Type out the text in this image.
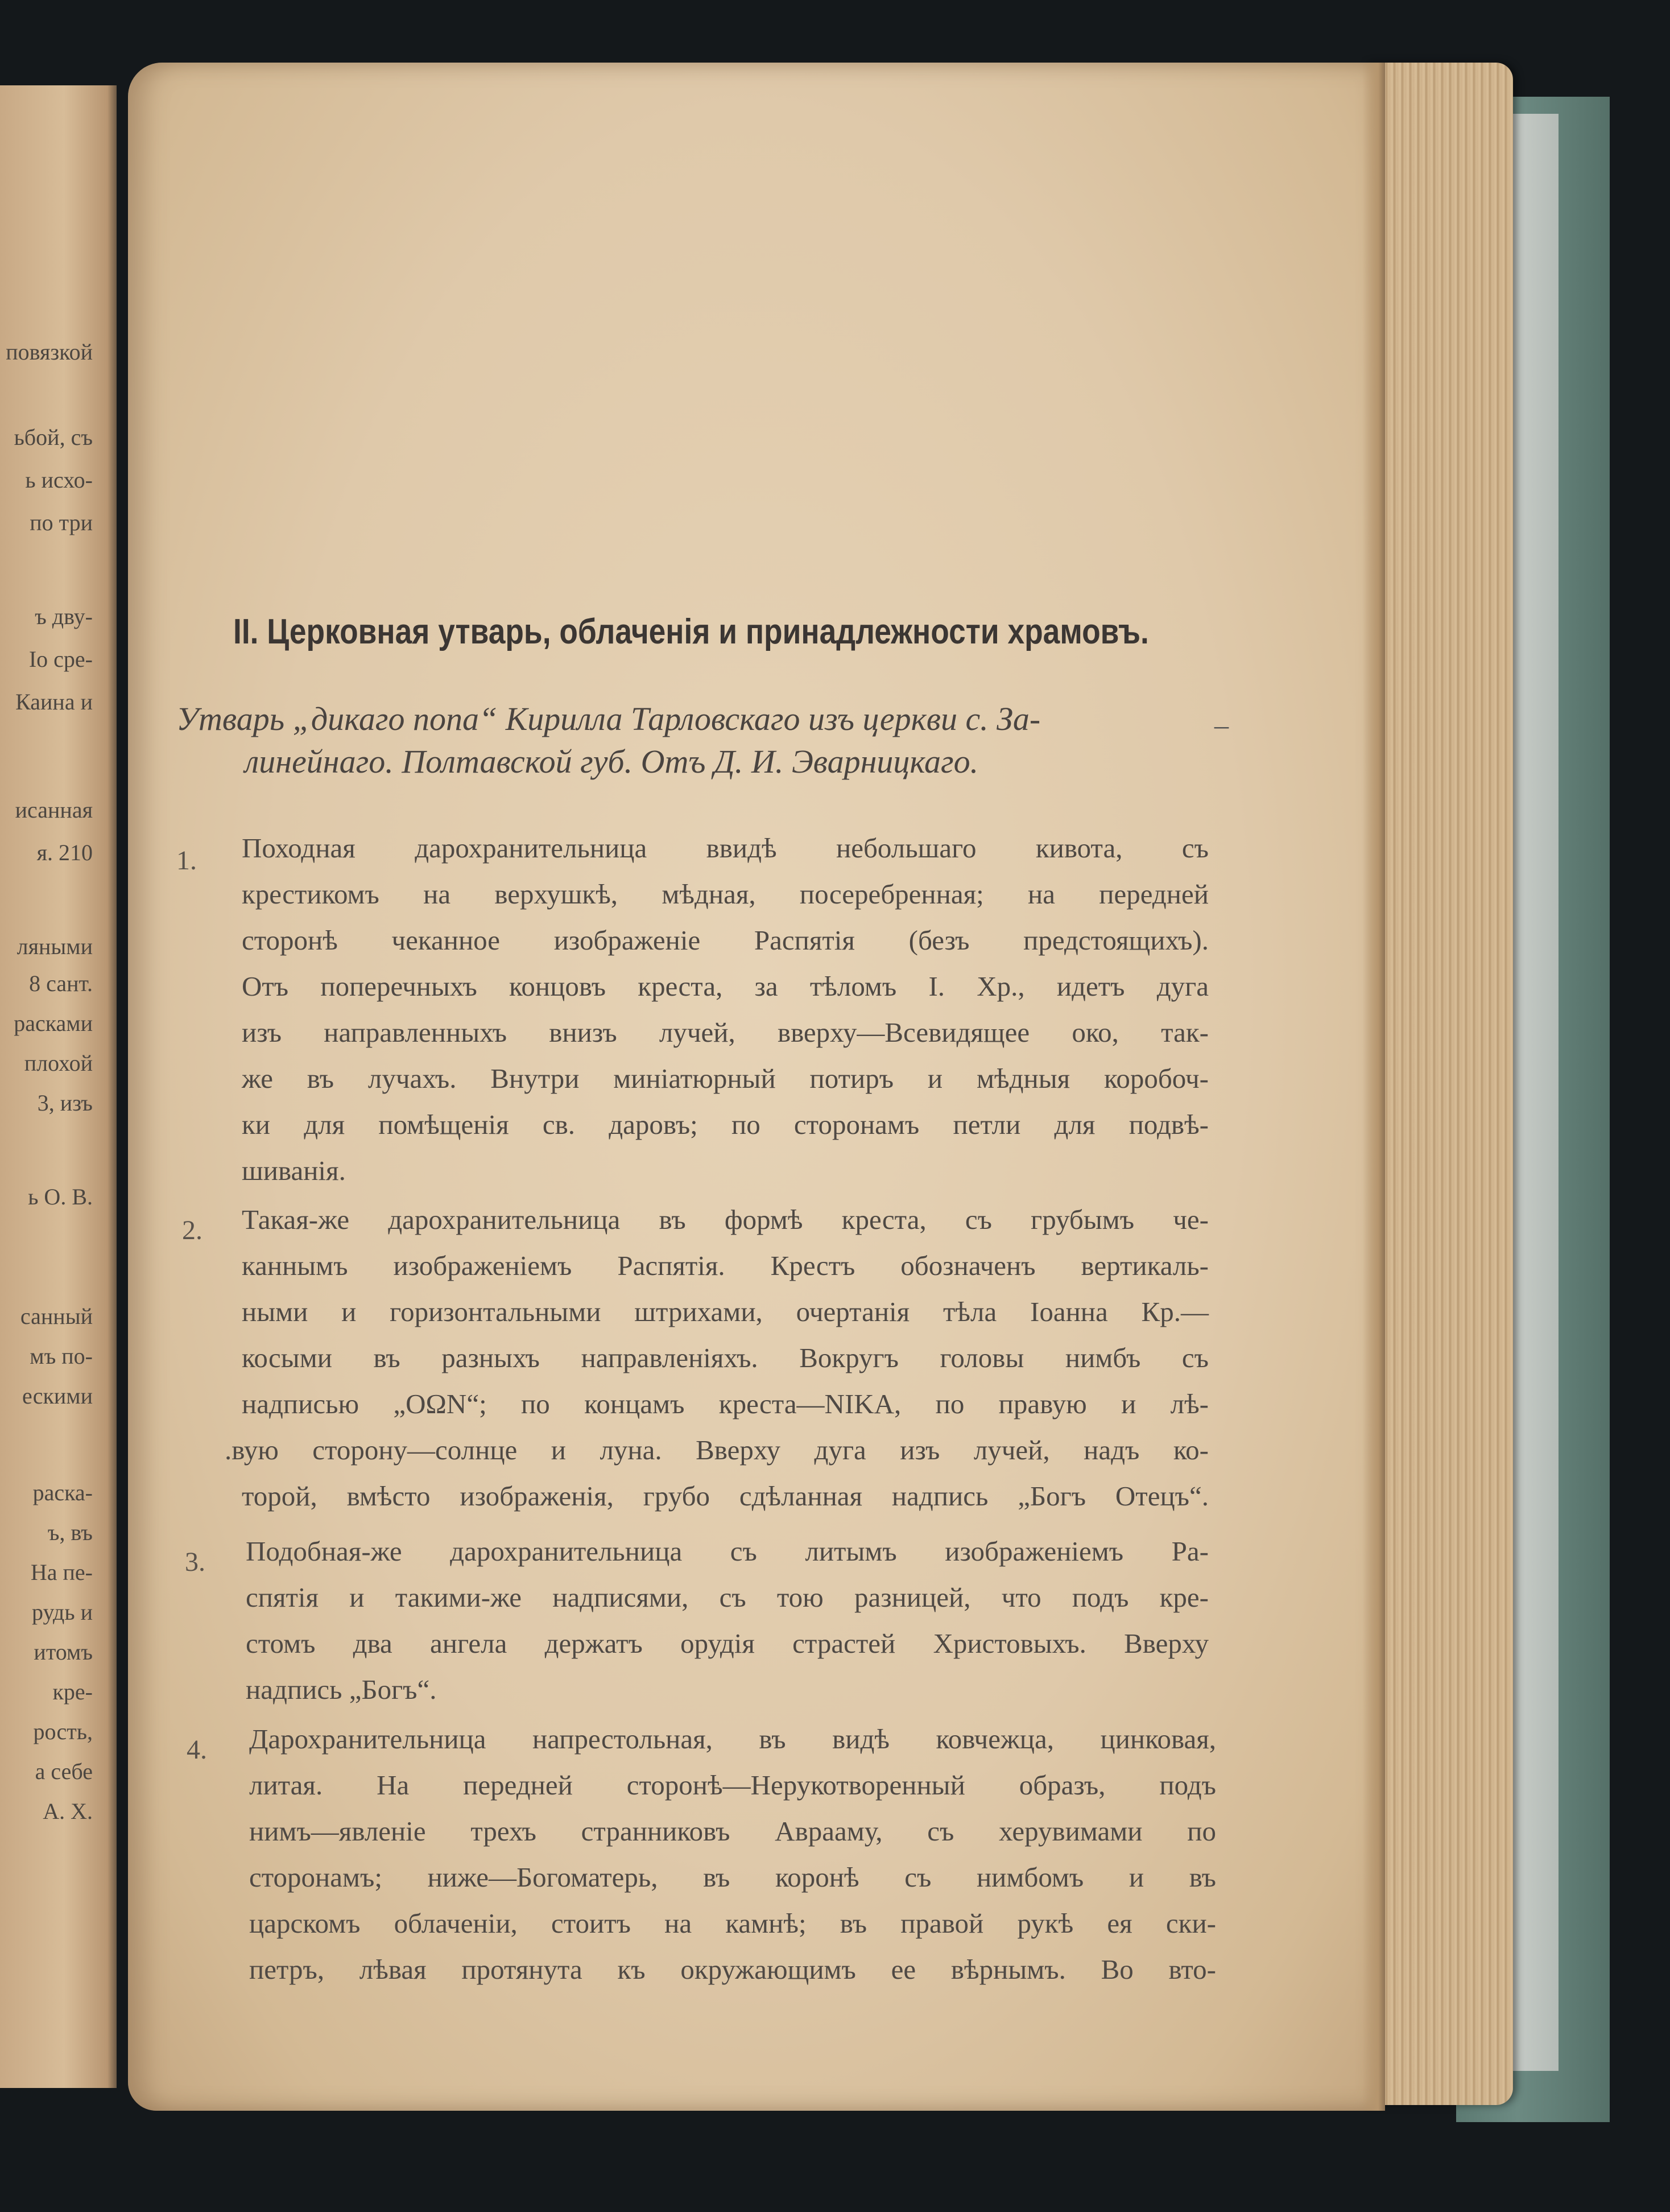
повязкой
ьбой, съ
ь исхо-
по три
ъ дву-
Io сре-
Каина и
исанная
я. 210
ляными
8 сант.
расками
плохой
3, изъ
ь О. В.
санный
мъ по-
ескими
раска-
ъ, въ
На пе-
рудь и
итомъ
кре-
рость,
а себе
А. Х.
II. Церковная утварь, облаченія и принадлежности храмовъ.
Утварь „дикаго попа“ Кирилла Тарловскаго изъ церкви с. За-
линейнаго. Полтавской губ. Отъ Д. И. Эварницкаго.
_
1. Походная дарохранительница ввидѣ небольшаго кивота, съ
крестикомъ на верхушкѣ, мѣдная, посеребренная; на передней
сторонѣ чеканное изображеніе Распятія (безъ предстоящихъ).
Отъ поперечныхъ концовъ креста, за тѣломъ І. Хр., идетъ дуга
изъ направленныхъ внизъ лучей, вверху—Всевидящее око, так-
же въ лучахъ. Внутри миніатюрный потиръ и мѣдныя коробоч-
ки для помѣщенія св. даровъ; по сторонамъ петли для подвѣ-
шиванія.
2. Такая-же дарохранительница въ формѣ креста, съ грубымъ че-
каннымъ изображеніемъ Распятія. Крестъ обозначенъ вертикаль-
ными и горизонтальными штрихами, очертанія тѣла Іоанна Кр.—
косыми въ разныхъ направленіяхъ. Вокругъ головы нимбъ съ
надписью „ΟΩΝ“; по концамъ креста—NIKA, по правую и лѣ-
.вую сторону—солнце и луна. Вверху дуга изъ лучей, надъ ко-
торой, вмѣсто изображенія, грубо сдѣланная надпись „Богъ Отецъ“.
3. Подобная-же дарохранительница съ литымъ изображеніемъ Ра-
спятія и такими-же надписями, съ тою разницей, что подъ кре-
стомъ два ангела держатъ орудія страстей Христовыхъ. Вверху
надпись „Богъ“.
4. Дарохранительница напрестольная, въ видѣ ковчежца, цинковая,
литая. На передней сторонѣ—Нерукотворенный образъ, подъ
нимъ—явленіе трехъ странниковъ Аврааму, съ херувимами по
сторонамъ; ниже—Богоматерь, въ коронѣ съ нимбомъ и въ
царскомъ облаченіи, стоитъ на камнѣ; въ правой рукѣ ея ски-
петръ, лѣвая протянута къ окружающимъ ее вѣрнымъ. Во вто-
